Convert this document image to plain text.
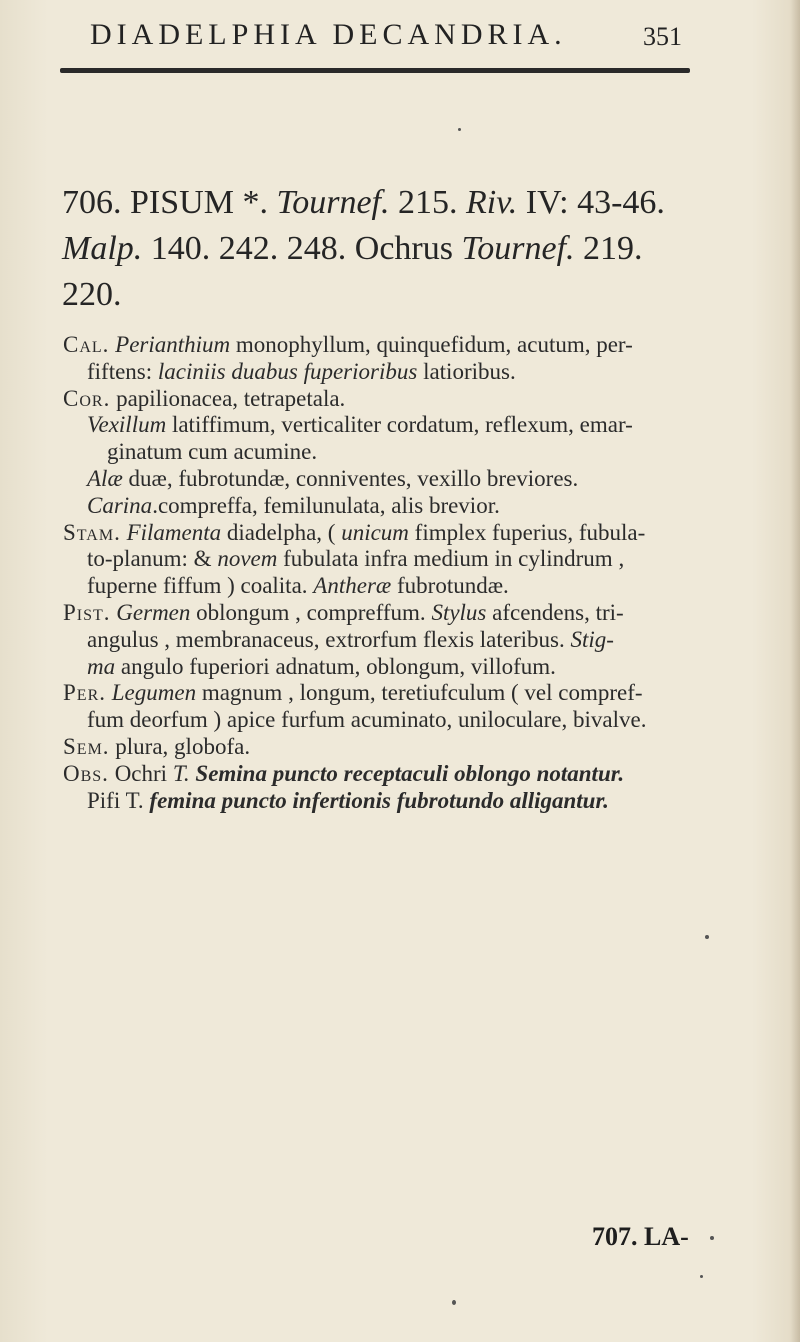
DIADELPHIA DECANDRIA.	351
706. PISUM *. Tournef. 215. Riv. IV: 43-46.
Malp. 140. 242. 248. Ochrus Tournef. 219.
220.
Cal. Perianthium monophyllum, quinquefidum, acutum, per-
fiftens: laciniis duabus fuperioribus latioribus.
Cor. papilionacea, tetrapetala.
Vexillum latiffimum, verticaliter cordatum, reflexum, emar-
ginatum cum acumine.
Alæ duæ, fubrotundæ, conniventes, vexillo breviores.
Carina.compreffa, femilunulata, alis brevior.
Stam. Filamenta diadelpha, ( unicum fimplex fuperius, fubula-
to-planum: & novem fubulata infra medium in cylindrum ,
fuperne fiffum ) coalita. Antheræ fubrotundæ.
Pist. Germen oblongum , compreffum. Stylus afcendens, tri-
angulus , membranaceus, extrorfum flexis lateribus. Stig-
ma angulo fuperiori adnatum, oblongum, villofum.
Per. Legumen magnum , longum, teretiufculum ( vel compref-
fum deorfum ) apice furfum acuminato, uniloculare, bivalve.
Sem. plura, globofa.
Obs. Ochri T. Semina puncto receptaculi oblongo notantur.
Pifi T. femina puncto infertionis fubrotundo alligantur.
707. LA-
